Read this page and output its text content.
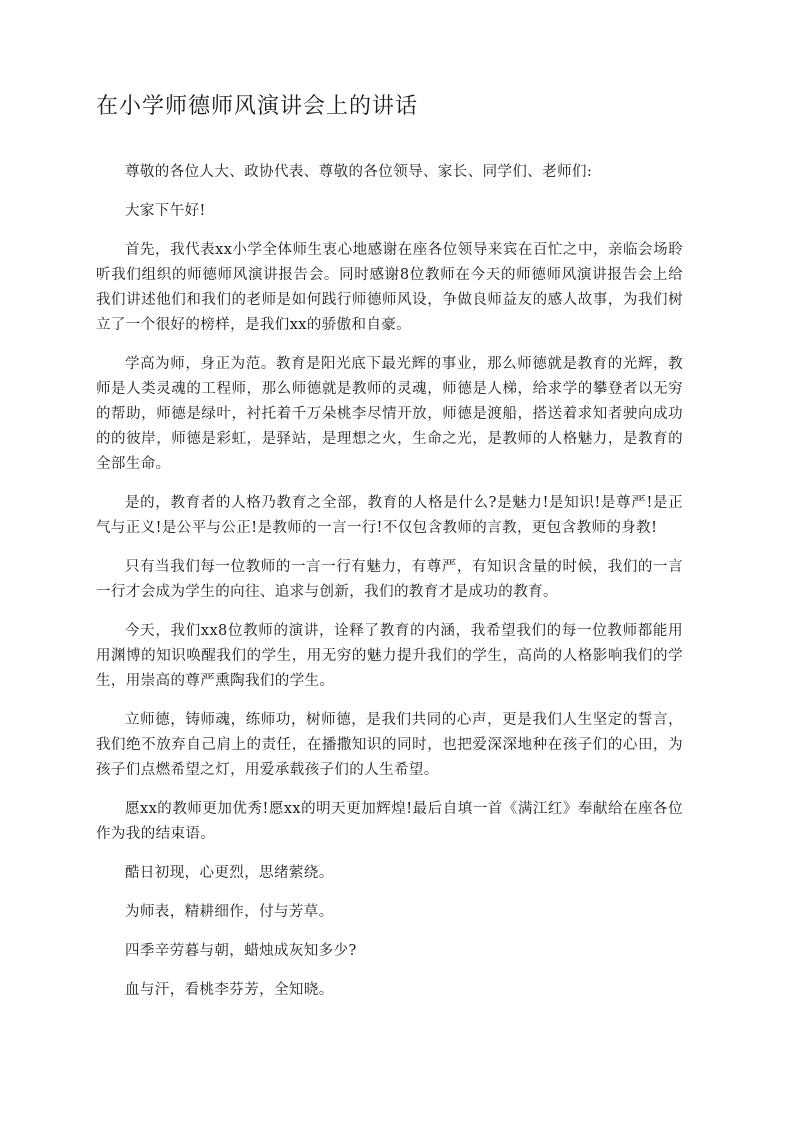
在小学师德师风演讲会上的讲话

尊敬的各位人大、政协代表、尊敬的各位领导、家长、同学们、老师们:

大家下午好!

首先，我代表xx小学全体师生衷心地感谢在座各位领导来宾在百忙之中，亲临会场聆听我们组织的师德师风演讲报告会。同时感谢8位教师在今天的师德师风演讲报告会上给我们讲述他们和我们的老师是如何践行师德师风设，争做良师益友的感人故事，为我们树立了一个很好的榜样，是我们xx的骄傲和自豪。

学高为师，身正为范。教育是阳光底下最光辉的事业，那么师德就是教育的光辉，教师是人类灵魂的工程师，那么师德就是教师的灵魂，师德是人梯，给求学的攀登者以无穷的帮助，师德是绿叶，衬托着千万朵桃李尽情开放，师德是渡船，搭送着求知者驶向成功的的彼岸，师德是彩虹，是驿站，是理想之火，生命之光，是教师的人格魅力，是教育的全部生命。

是的，教育者的人格乃教育之全部，教育的人格是什么?是魅力!是知识!是尊严!是正气与正义!是公平与公正!是教师的一言一行!不仅包含教师的言教，更包含教师的身教!

只有当我们每一位教师的一言一行有魅力，有尊严，有知识含量的时候，我们的一言一行才会成为学生的向往、追求与创新，我们的教育才是成功的教育。

今天，我们xx8位教师的演讲，诠释了教育的内涵，我希望我们的每一位教师都能用用渊博的知识唤醒我们的学生，用无穷的魅力提升我们的学生，高尚的人格影响我们的学生，用崇高的尊严熏陶我们的学生。

立师德，铸师魂，练师功，树师德，是我们共同的心声，更是我们人生坚定的誓言，我们绝不放弃自己肩上的责任，在播撒知识的同时，也把爱深深地种在孩子们的心田，为孩子们点燃希望之灯，用爱承载孩子们的人生希望。

愿xx的教师更加优秀!愿xx的明天更加辉煌!最后自填一首《满江红》奉献给在座各位作为我的结束语。

酷日初现，心更烈，思绪萦绕。

为师表，精耕细作，付与芳草。

四季辛劳暮与朝，蜡烛成灰知多少?

血与汗，看桃李芬芳，全知晓。
